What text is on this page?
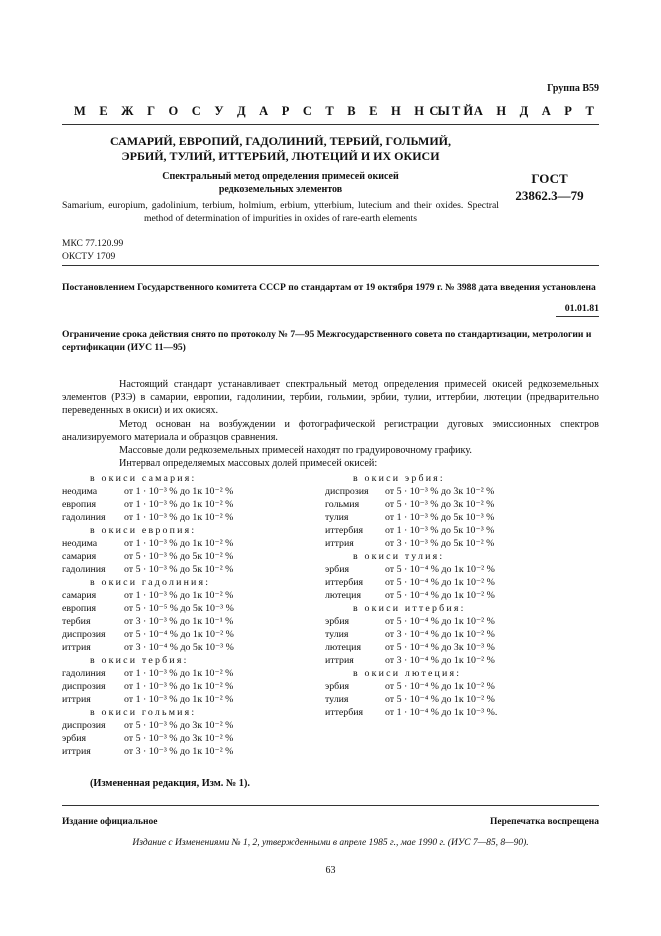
Группа В59
М Е Ж Г О С У Д А Р С Т В Е Н Н Ы Й
С Т А Н Д А Р Т
САМАРИЙ, ЕВРОПИЙ, ГАДОЛИНИЙ, ТЕРБИЙ, ГОЛЬМИЙ,
ЭРБИЙ, ТУЛИЙ, ИТТЕРБИЙ, ЛЮТЕЦИЙ И ИХ ОКИСИ
Спектральный метод определения примесей окисей
редкоземельных элементов
Samarium, europium, gadolinium, terbium, holmium, erbium, ytterbium, lutecium and their oxides. Spectral method of determination of impurities in oxides of rare-earth elements
ГОСТ
23862.3—79
МКС 77.120.99
ОКСТУ 1709
Постановлением Государственного комитета СССР по стандартам от 19 октября 1979 г. № 3988 дата введения установлена
01.01.81
Ограничение срока действия снято по протоколу № 7—95 Межгосударственного совета по стандартизации, метрологии и сертификации (ИУС 11—95)

Настоящий стандарт устанавливает спектральный метод определения примесей окисей редкоземельных элементов (РЗЭ) в самарии, европии, гадолинии, тербии, гольмии, эрбии, тулии, иттербии, лютеции (предварительно переведенных в окиси) и их окисях.

Метод основан на возбуждении и фотографической регистрации дуговых эмиссионных спектров анализируемого материала и образцов сравнения.

Массовые доли редкоземельных примесей находят по градуировочному графику.

Интервал определяемых массовых долей примесей окисей:

в окиси самария:
неодима	от 1 · 10⁻³ % до 1к 10⁻² %
европия	от 1 · 10⁻³ % до 1к 10⁻² %
гадолиния	от 1 · 10⁻³ % до 1к 10⁻² %
в окиси европия:
неодима	от 1 · 10⁻³ % до 1к 10⁻² %
самария	от 5 · 10⁻³ % до 5к 10⁻² %
гадолиния	от 5 · 10⁻³ % до 5к 10⁻² %
в окиси гадолиния:
самария	от 1 · 10⁻³ % до 1к 10⁻² %
европия	от 5 · 10⁻⁵ % до 5к 10⁻³ %
тербия	от 3 · 10⁻³ % до 1к 10⁻¹ %
диспрозия	от 5 · 10⁻⁴ % до 1к 10⁻² %
иттрия	от 3 · 10⁻⁴ % до 5к 10⁻³ %
в окиси тербия:
гадолиния	от 1 · 10⁻³ % до 1к 10⁻² %
диспрозия	от 1 · 10⁻³ % до 1к 10⁻² %
иттрия	от 1 · 10⁻³ % до 1к 10⁻² %
в окиси гольмия:
диспрозия	от 5 · 10⁻³ % до 3к 10⁻² %
эрбия	от 5 · 10⁻³ % до 3к 10⁻² %
иттрия	от 3 · 10⁻³ % до 1к 10⁻² %
в окиси эрбия:
диспрозия	от 5 · 10⁻³ % до 3к 10⁻² %
гольмия	от 5 · 10⁻³ % до 3к 10⁻² %
тулия	от 1 · 10⁻³ % до 5к 10⁻³ %
иттербия	от 1 · 10⁻³ % до 5к 10⁻³ %
иттрия	от 3 · 10⁻³ % до 5к 10⁻² %
в окиси тулия:
эрбия	от 5 · 10⁻⁴ % до 1к 10⁻² %
иттербия	от 5 · 10⁻⁴ % до 1к 10⁻² %
лютеция	от 5 · 10⁻⁴ % до 1к 10⁻² %
в окиси иттербия:
эрбия	от 5 · 10⁻⁴ % до 1к 10⁻² %
тулия	от 3 · 10⁻⁴ % до 1к 10⁻² %
лютеция	от 5 · 10⁻⁴ % до 3к 10⁻³ %
иттрия	от 3 · 10⁻⁴ % до 1к 10⁻² %
в окиси лютеция:
эрбия	от 5 · 10⁻⁴ % до 1к 10⁻² %
тулия	от 5 · 10⁻⁴ % до 1к 10⁻² %
иттербия	от 1 · 10⁻⁴ % до 1к 10⁻³ %.
(Измененная редакция, Изм. № 1).
Издание официальное	Перепечатка воспрещена
Издание с Изменениями № 1, 2, утвержденными в апреле 1985 г., мае 1990 г. (ИУС 7—85, 8—90).
63
